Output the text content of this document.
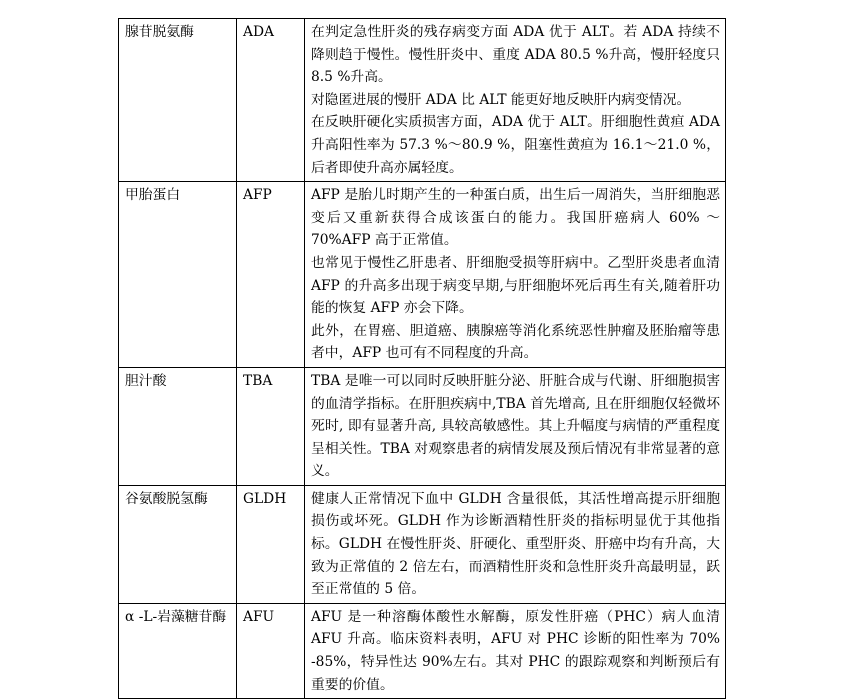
腺苷脱氨酶	ADA	在判定急性肝炎的残存病变方面 ADA 优于 ALT。若 ADA 持续不降则趋于慢性。慢性肝炎中、重度 ADA 80.5 %升高，慢肝轻度只 8.5 %升高。

对隐匿进展的慢肝 ADA 比 ALT 能更好地反映肝内病变情况。

在反映肝硬化实质损害方面，ADA 优于 ALT。肝细胞性黄疸 ADA 升高阳性率为 57.3 %～80.9 %，阻塞性黄疸为 16.1～21.0 %，后者即使升高亦属轻度。

甲胎蛋白	AFP	AFP 是胎儿时期产生的一种蛋白质，出生后一周消失，当肝细胞恶变后又重新获得合成该蛋白的能力。我国肝癌病人 60% ～70%AFP 高于正常值。

也常见于慢性乙肝患者、肝细胞受损等肝病中。乙型肝炎患者血清 AFP 的升高多出现于病变早期,与肝细胞坏死后再生有关,随着肝功能的恢复 AFP 亦会下降。

此外，在胃癌、胆道癌、胰腺癌等消化系统恶性肿瘤及胚胎瘤等患者中，AFP 也可有不同程度的升高。

胆汁酸	TBA	TBA 是唯一可以同时反映肝脏分泌、肝脏合成与代谢、肝细胞损害的血清学指标。在肝胆疾病中,TBA 首先增高, 且在肝细胞仅轻微坏死时, 即有显著升高, 具较高敏感性。其上升幅度与病情的严重程度呈相关性。TBA 对观察患者的病情发展及预后情况有非常显著的意义。

谷氨酸脱氢酶	GLDH	健康人正常情况下血中 GLDH 含量很低，其活性增高提示肝细胞损伤或坏死。GLDH 作为诊断酒精性肝炎的指标明显优于其他指标。GLDH 在慢性肝炎、肝硬化、重型肝炎、肝癌中均有升高，大致为正常值的 2 倍左右，而酒精性肝炎和急性肝炎升高最明显，跃至正常值的 5 倍。

α -L-岩藻糖苷酶	AFU	AFU 是一种溶酶体酸性水解酶，原发性肝癌（PHC）病人血清 AFU 升高。临床资料表明，AFU 对 PHC 诊断的阳性率为 70% -85%，特异性达 90%左右。其对 PHC 的跟踪观察和判断预后有重要的价值。
